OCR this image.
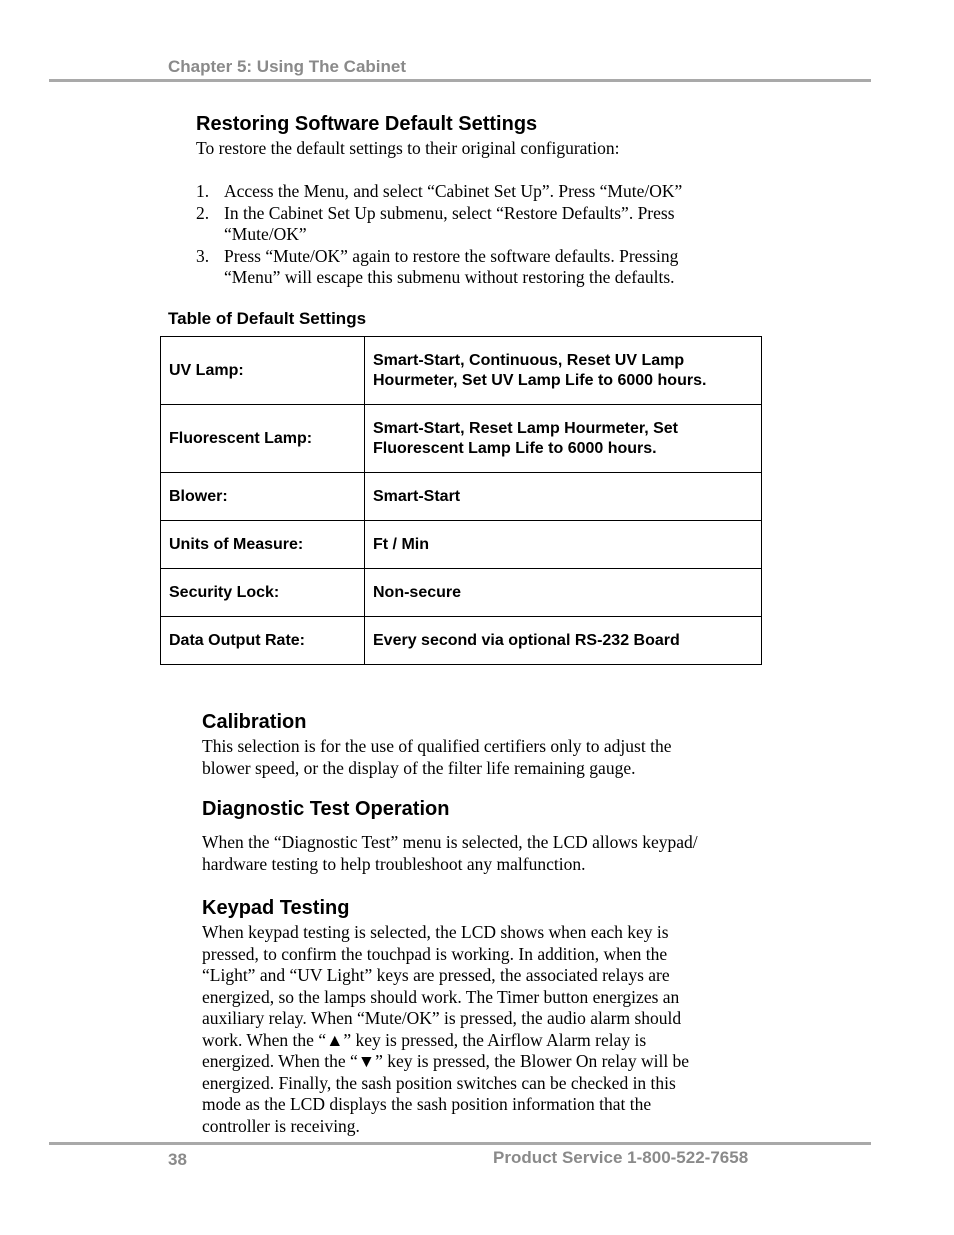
Chapter 5: Using The Cabinet
Restoring Software Default Settings
To restore the default settings to their original configuration:
1. Access the Menu, and select “Cabinet Set Up”. Press “Mute/OK”
2. In the Cabinet Set Up submenu, select “Restore Defaults”. Press
“Mute/OK”
3. Press “Mute/OK” again to restore the software defaults. Pressing
“Menu” will escape this submenu without restoring the defaults.
Table of Default Settings
UV Lamp:	Smart-Start, Continuous, Reset UV Lamp
Hourmeter, Set UV Lamp Life to 6000 hours.

Fluorescent Lamp:	Smart-Start, Reset Lamp Hourmeter, Set
Fluorescent Lamp Life to 6000 hours.

Blower:	Smart-Start
Units of Measure:	Ft / Min
Security Lock:	Non-secure
Data Output Rate:	Every second via optional RS-232 Board
Calibration
This selection is for the use of qualified certifiers only to adjust the
blower speed, or the display of the filter life remaining gauge.
Diagnostic Test Operation
When the “Diagnostic Test” menu is selected, the LCD allows keypad/
hardware testing to help troubleshoot any malfunction.
Keypad Testing
When keypad testing is selected, the LCD shows when each key is
pressed, to confirm the touchpad is working. In addition, when the
“Light” and “UV Light” keys are pressed, the associated relays are
energized, so the lamps should work. The Timer button energizes an
auxiliary relay. When “Mute/OK” is pressed, the audio alarm should
work. When the “▲” key is pressed, the Airflow Alarm relay is
energized. When the “▼” key is pressed, the Blower On relay will be
energized. Finally, the sash position switches can be checked in this
mode as the LCD displays the sash position information that the
controller is receiving.
38	Product Service 1-800-522-7658
